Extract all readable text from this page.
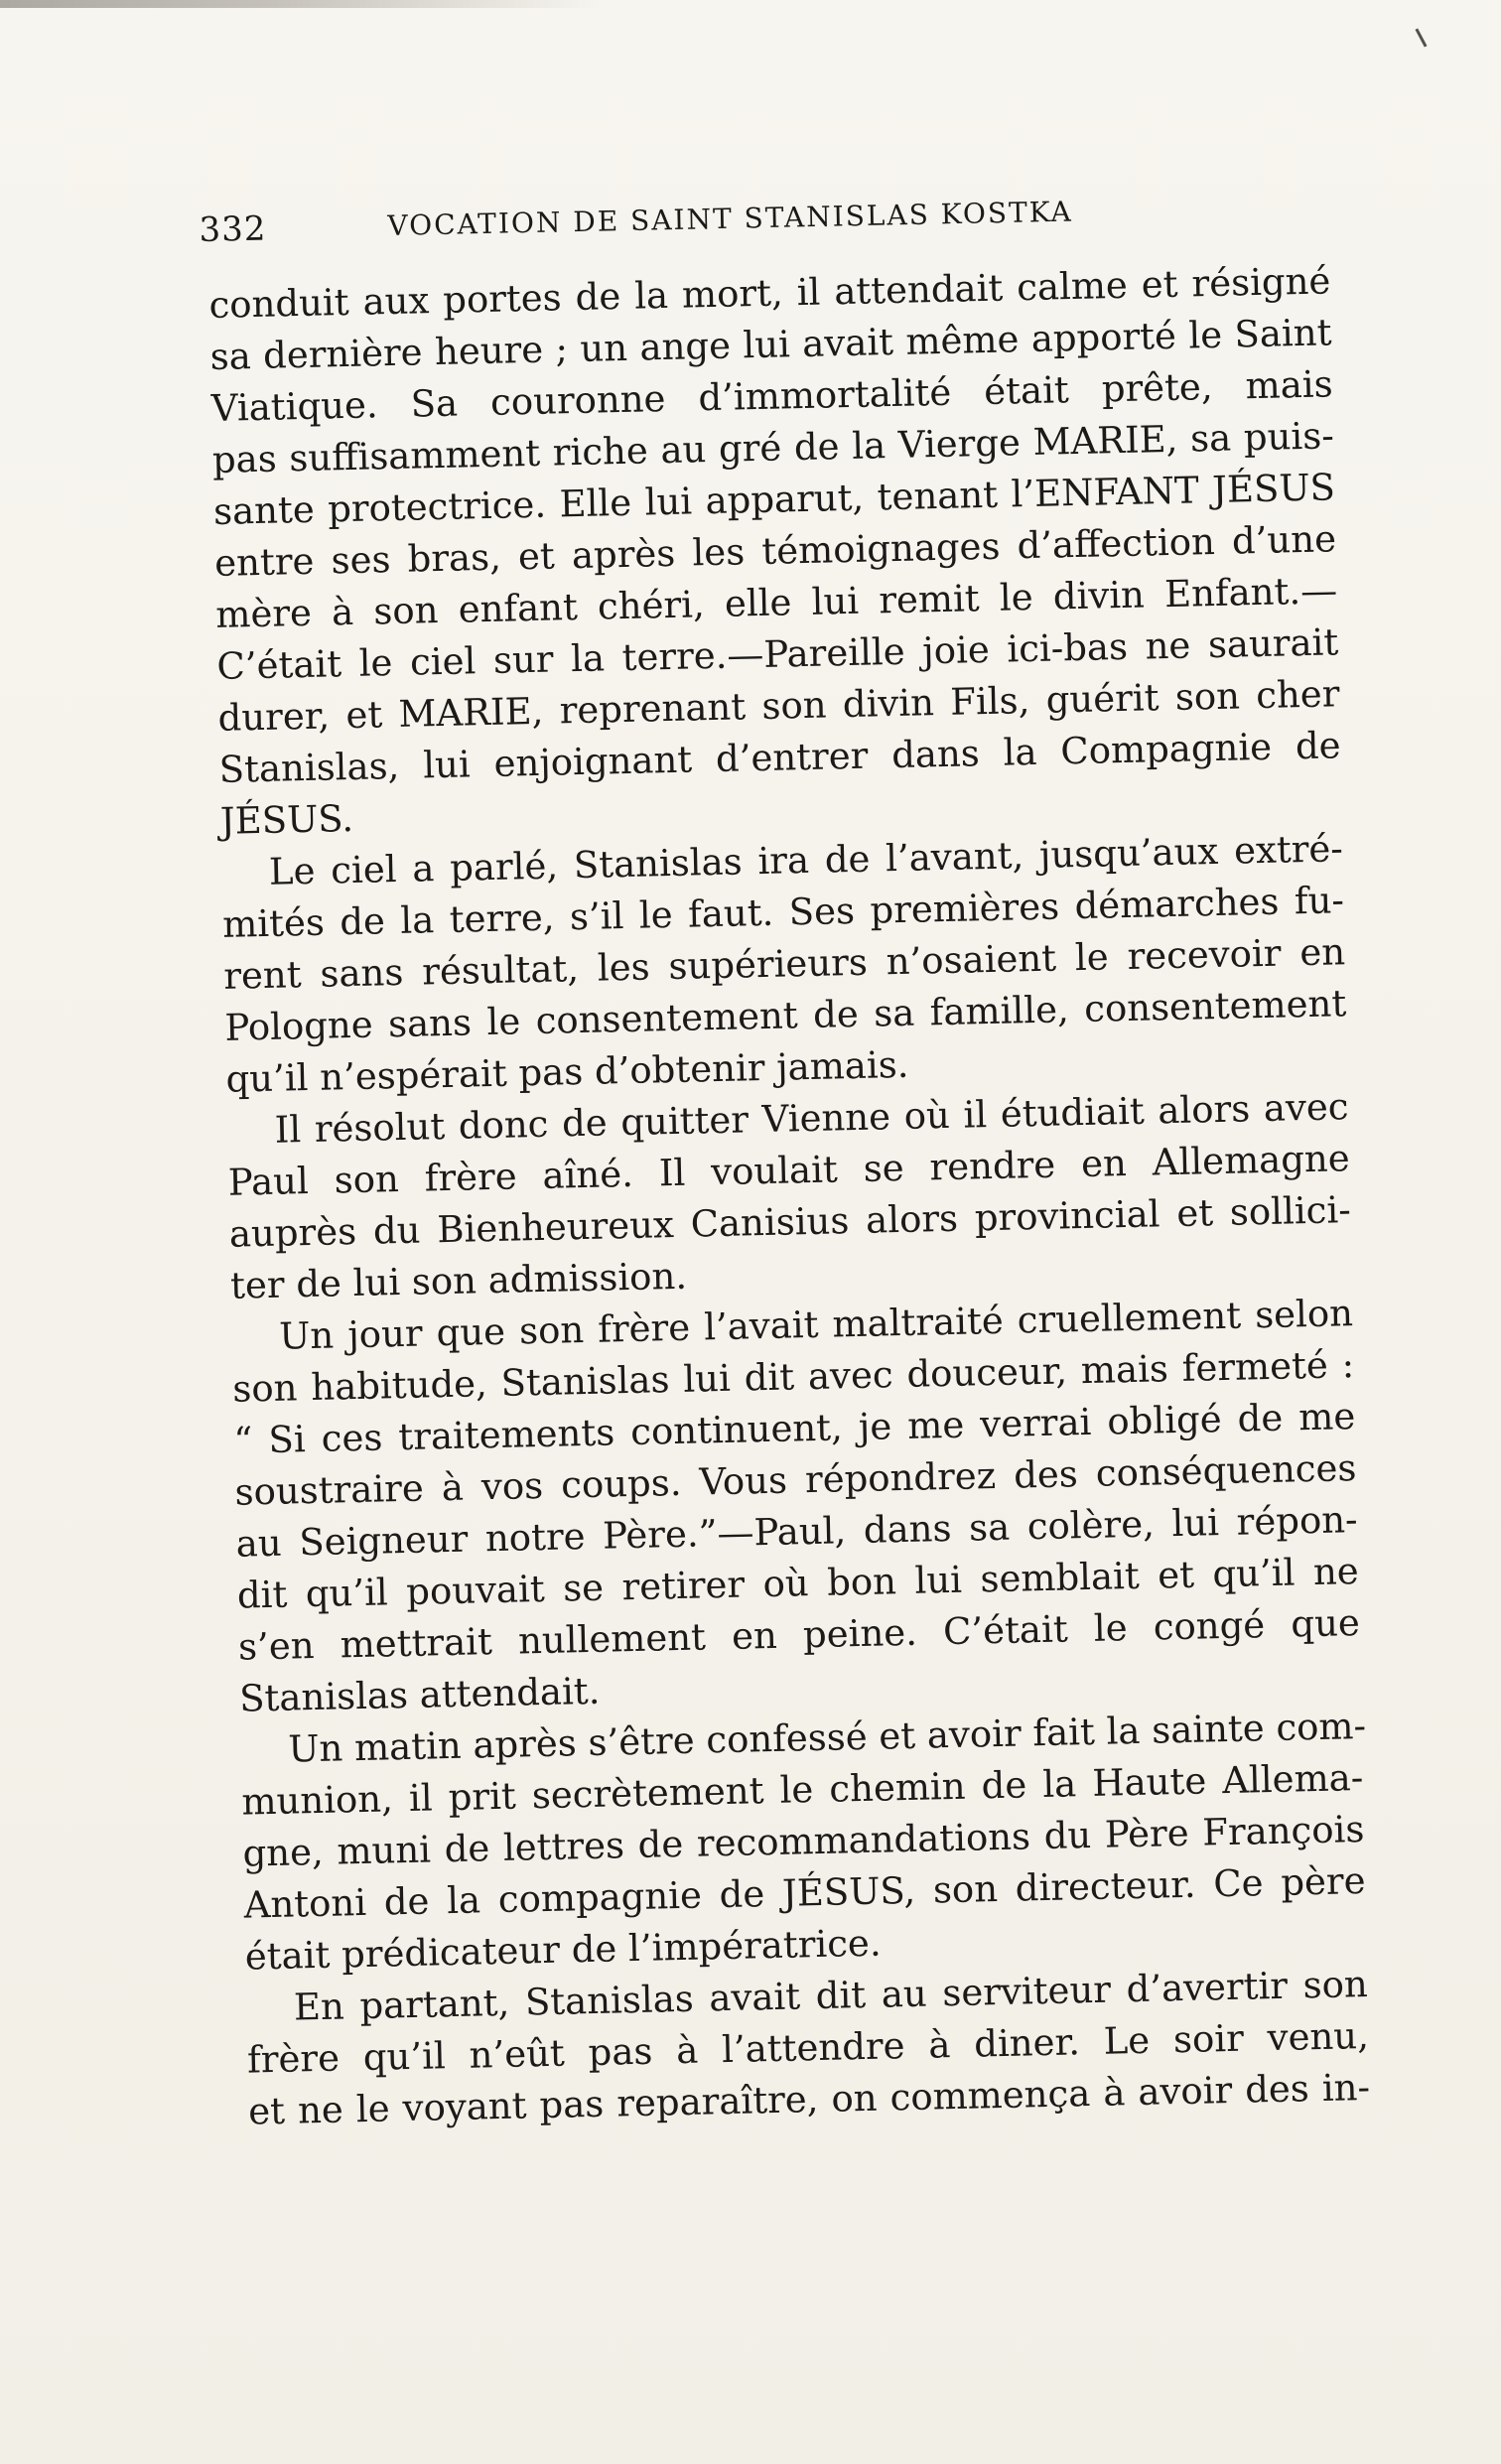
332	VOCATION DE SAINT STANISLAS KOSTKA
conduit aux portes de la mort, il attendait calme et résigné
sa dernière heure ; un ange lui avait même apporté le Saint
Viatique. Sa couronne d’immortalité était prête, mais
pas suffisamment riche au gré de la Vierge MARIE, sa puis-
sante protectrice. Elle lui apparut, tenant l’ENFANT JÉSUS
entre ses bras, et après les témoignages d’affection d’une
mère à son enfant chéri, elle lui remit le divin Enfant.—
C’était le ciel sur la terre.—Pareille joie ici-bas ne saurait
durer, et MARIE, reprenant son divin Fils, guérit son cher
Stanislas, lui enjoignant d’entrer dans la Compagnie de
JÉSUS.
Le ciel a parlé, Stanislas ira de l’avant, jusqu’aux extré-
mités de la terre, s’il le faut. Ses premières démarches fu-
rent sans résultat, les supérieurs n’osaient le recevoir en
Pologne sans le consentement de sa famille, consentement
qu’il n’espérait pas d’obtenir jamais.
Il résolut donc de quitter Vienne où il étudiait alors avec
Paul son frère aîné. Il voulait se rendre en Allemagne
auprès du Bienheureux Canisius alors provincial et sollici-
ter de lui son admission.
Un jour que son frère l’avait maltraité cruellement selon
son habitude, Stanislas lui dit avec douceur, mais fermeté :
“ Si ces traitements continuent, je me verrai obligé de me
soustraire à vos coups. Vous répondrez des conséquences
au Seigneur notre Père.”—Paul, dans sa colère, lui répon-
dit qu’il pouvait se retirer où bon lui semblait et qu’il ne
s’en mettrait nullement en peine. C’était le congé que
Stanislas attendait.
Un matin après s’être confessé et avoir fait la sainte com-
munion, il prit secrètement le chemin de la Haute Allema-
gne, muni de lettres de recommandations du Père François
Antoni de la compagnie de JÉSUS, son directeur. Ce père
était prédicateur de l’impératrice.
En partant, Stanislas avait dit au serviteur d’avertir son
frère qu’il n’eût pas à l’attendre à diner. Le soir venu,
et ne le voyant pas reparaître, on commença à avoir des in-
